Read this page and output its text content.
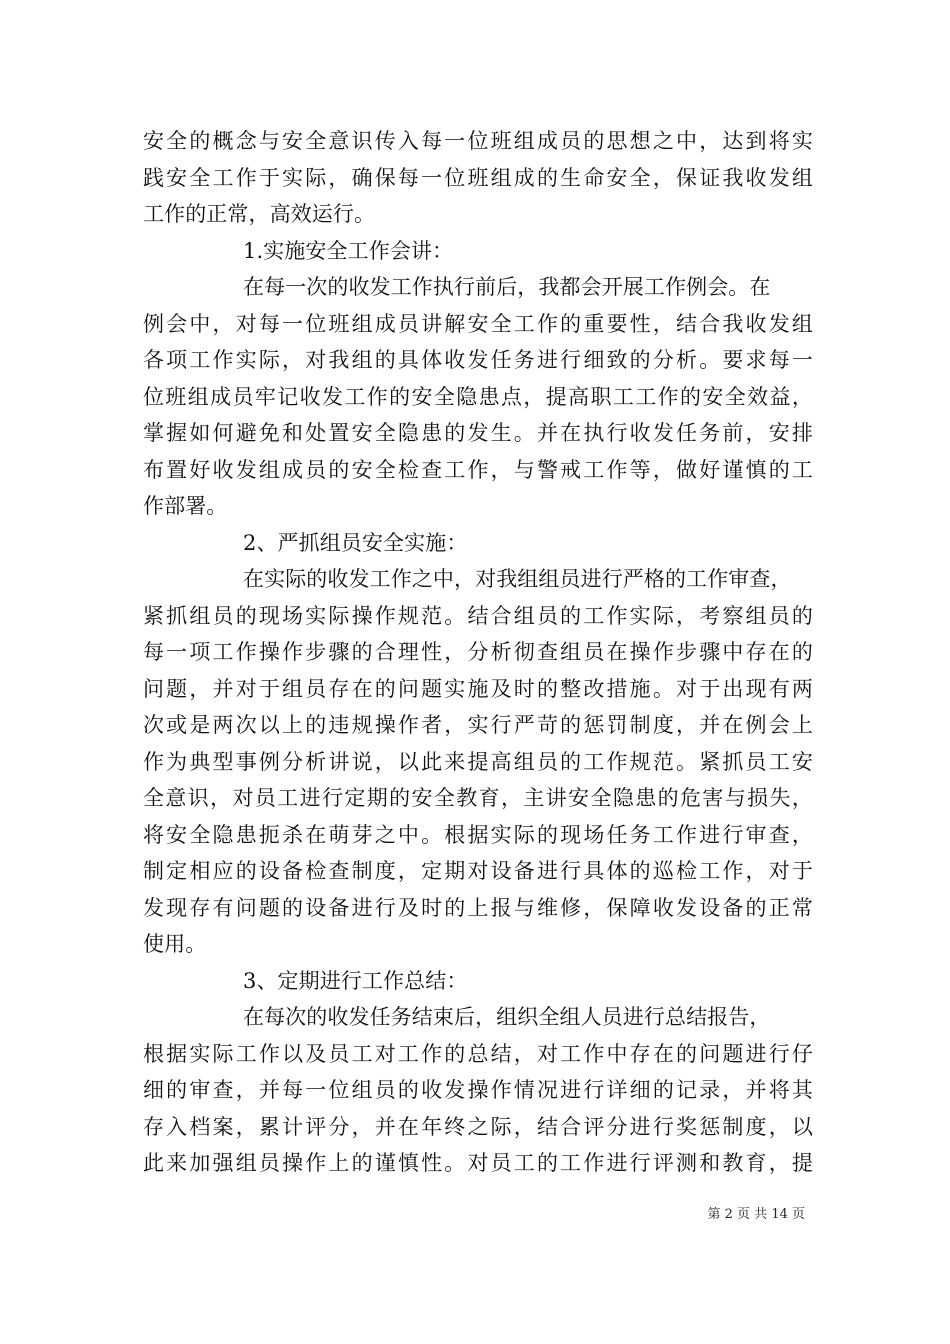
安全的概念与安全意识传入每一位班组成员的思想之中，达到将实
践安全工作于实际，确保每一位班组成的生命安全，保证我收发组
工作的正常，高效运行。
1.实施安全工作会讲：
在每一次的收发工作执行前后，我都会开展工作例会。在
例会中，对每一位班组成员讲解安全工作的重要性，结合我收发组
各项工作实际，对我组的具体收发任务进行细致的分析。要求每一
位班组成员牢记收发工作的安全隐患点，提高职工工作的安全效益，
掌握如何避免和处置安全隐患的发生。并在执行收发任务前，安排
布置好收发组成员的安全检查工作，与警戒工作等，做好谨慎的工
作部署。
2、严抓组员安全实施：
在实际的收发工作之中，对我组组员进行严格的工作审查，
紧抓组员的现场实际操作规范。结合组员的工作实际，考察组员的
每一项工作操作步骤的合理性，分析彻查组员在操作步骤中存在的
问题，并对于组员存在的问题实施及时的整改措施。对于出现有两
次或是两次以上的违规操作者，实行严苛的惩罚制度，并在例会上
作为典型事例分析讲说，以此来提高组员的工作规范。紧抓员工安
全意识，对员工进行定期的安全教育，主讲安全隐患的危害与损失，
将安全隐患扼杀在萌芽之中。根据实际的现场任务工作进行审查，
制定相应的设备检查制度，定期对设备进行具体的巡检工作，对于
发现存有问题的设备进行及时的上报与维修，保障收发设备的正常
使用。
3、定期进行工作总结：
在每次的收发任务结束后，组织全组人员进行总结报告，
根据实际工作以及员工对工作的总结，对工作中存在的问题进行仔
细的审查，并每一位组员的收发操作情况进行详细的记录，并将其
存入档案，累计评分，并在年终之际，结合评分进行奖惩制度，以
此来加强组员操作上的谨慎性。对员工的工作进行评测和教育，提
第 2 页 共 14 页
